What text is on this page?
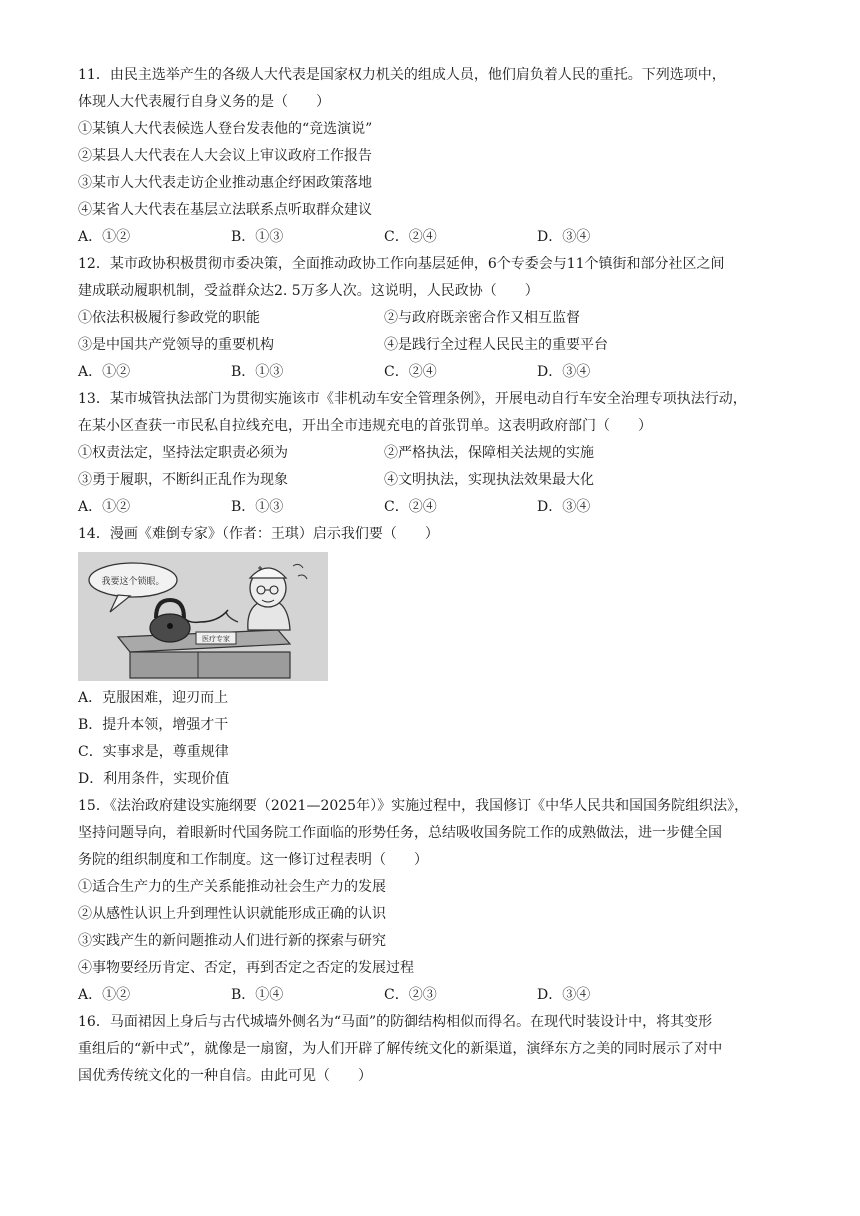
11．由民主选举产生的各级人大代表是国家权力机关的组成人员，他们肩负着人民的重托。下列选项中，
体现人大代表履行自身义务的是（　　）
①某镇人大代表候选人登台发表他的“竞选演说”
②某县人大代表在人大会议上审议政府工作报告
③某市人大代表走访企业推动惠企纾困政策落地
④某省人大代表在基层立法联系点听取群众建议
A．①②	B．①③	C．②④	D．③④
12．某市政协积极贯彻市委决策，全面推动政协工作向基层延伸，6个专委会与11个镇街和部分社区之间
建成联动履职机制，受益群众达2. 5万多人次。这说明，人民政协（　　）
①依法积极履行参政党的职能	②与政府既亲密合作又相互监督
③是中国共产党领导的重要机构	④是践行全过程人民民主的重要平台
A．①②	B．①③	C．②④	D．③④
13．某市城管执法部门为贯彻实施该市《非机动车安全管理条例》，开展电动自行车安全治理专项执法行动，
在某小区查获一市民私自拉线充电，开出全市违规充电的首张罚单。这表明政府部门（　　）
①权责法定，坚持法定职责必须为	②严格执法，保障相关法规的实施
③勇于履职，不断纠正乱作为现象	④文明执法，实现执法效果最大化
A．①②	B．①③	C．②④	D．③④
14．漫画《难倒专家》（作者：王琪）启示我们要（　　）
我要这个锁眼。
医疗专家
A．克服困难，迎刃而上
B．提升本领，增强才干
C．实事求是，尊重规律
D．利用条件，实现价值
15．《法治政府建设实施纲要（2021—2025年）》实施过程中，我国修订《中华人民共和国国务院组织法》，
坚持问题导向，着眼新时代国务院工作面临的形势任务，总结吸收国务院工作的成熟做法，进一步健全国
务院的组织制度和工作制度。这一修订过程表明（　　）
①适合生产力的生产关系能推动社会生产力的发展
②从感性认识上升到理性认识就能形成正确的认识
③实践产生的新问题推动人们进行新的探索与研究
④事物要经历肯定、否定，再到否定之否定的发展过程
A．①②	B．①④	C．②③	D．③④
16．马面裙因上身后与古代城墙外侧名为“马面”的防御结构相似而得名。在现代时装设计中，将其变形
重组后的“新中式”，就像是一扇窗，为人们开辟了解传统文化的新渠道，演绎东方之美的同时展示了对中
国优秀传统文化的一种自信。由此可见（　　）
